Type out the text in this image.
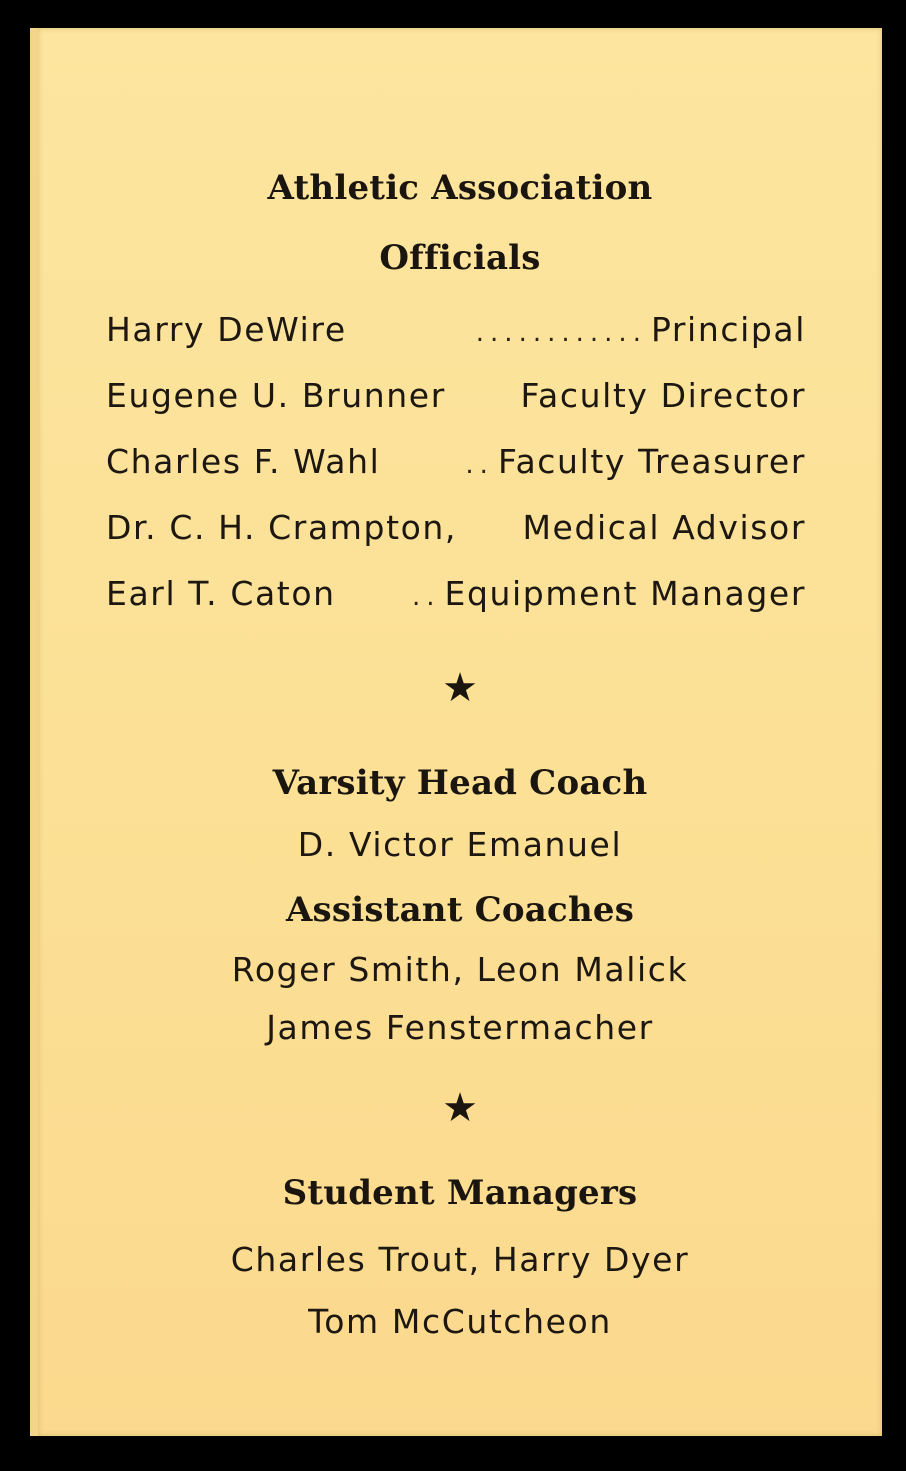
Athletic Association
Officials
Harry DeWire	............ Principal
Eugene U. Brunner Faculty Director
Charles F. Wahl	.. Faculty Treasurer
Dr. C. H. Crampton, Medical Advisor
Earl T. Caton	.. Equipment Manager
★
Varsity Head Coach
D. Victor Emanuel
Assistant Coaches
Roger Smith, Leon Malick
James Fenstermacher
★
Student Managers
Charles Trout, Harry Dyer
Tom McCutcheon
